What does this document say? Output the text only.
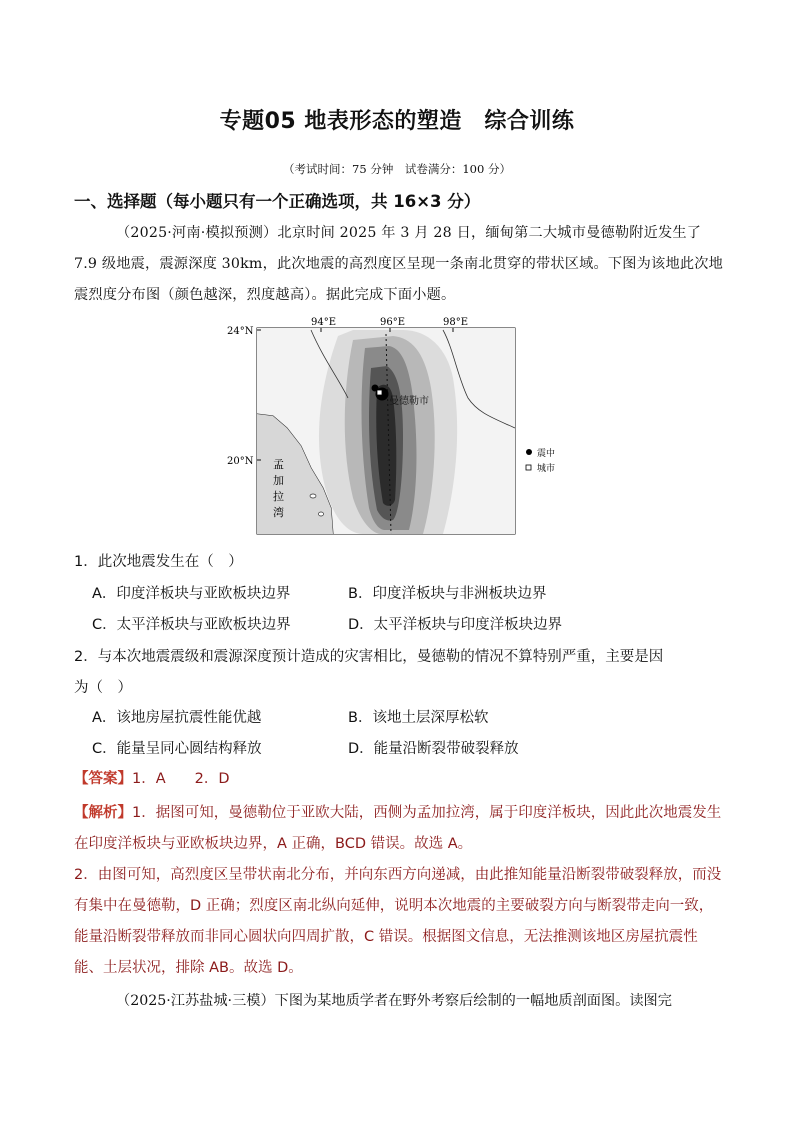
专题05 地表形态的塑造　综合训练
（考试时间：75 分钟　试卷满分：100 分）
一、选择题（每小题只有一个正确选项，共 16×3 分）
（2025·河南·模拟预测）北京时间 2025 年 3 月 28 日，缅甸第二大城市曼德勒附近发生了 7.9 级地震，震源深度 30km，此次地震的高烈度区呈现一条南北贯穿的带状区域。下图为该地此次地震烈度分布图（颜色越深，烈度越高）。据此完成下面小题。
94°E	96°E	98°E
24°N
20°N
曼德勒市
孟
加
拉
湾
震中
城市
1．此次地震发生在（　）
A．印度洋板块与亚欧板块边界	B．印度洋板块与非洲板块边界
C．太平洋板块与亚欧板块边界	D．太平洋板块与印度洋板块边界
2．与本次地震震级和震源深度预计造成的灾害相比，曼德勒的情况不算特别严重，主要是因
为（　）
A．该地房屋抗震性能优越	B．该地土层深厚松软
C．能量呈同心圆结构释放	D．能量沿断裂带破裂释放
【答案】1．A　　2．D
【解析】1．据图可知，曼德勒位于亚欧大陆，西侧为孟加拉湾，属于印度洋板块，因此此次地震发生在印度洋板块与亚欧板块边界，A 正确，BCD 错误。故选 A。
2．由图可知，高烈度区呈带状南北分布，并向东西方向递减，由此推知能量沿断裂带破裂释放，而没有集中在曼德勒，D 正确；烈度区南北纵向延伸，说明本次地震的主要破裂方向与断裂带走向一致，能量沿断裂带释放而非同心圆状向四周扩散，C 错误。根据图文信息，无法推测该地区房屋抗震性能、土层状况，排除 AB。故选 D。
（2025·江苏盐城·三模）下图为某地质学者在野外考察后绘制的一幅地质剖面图。读图完
